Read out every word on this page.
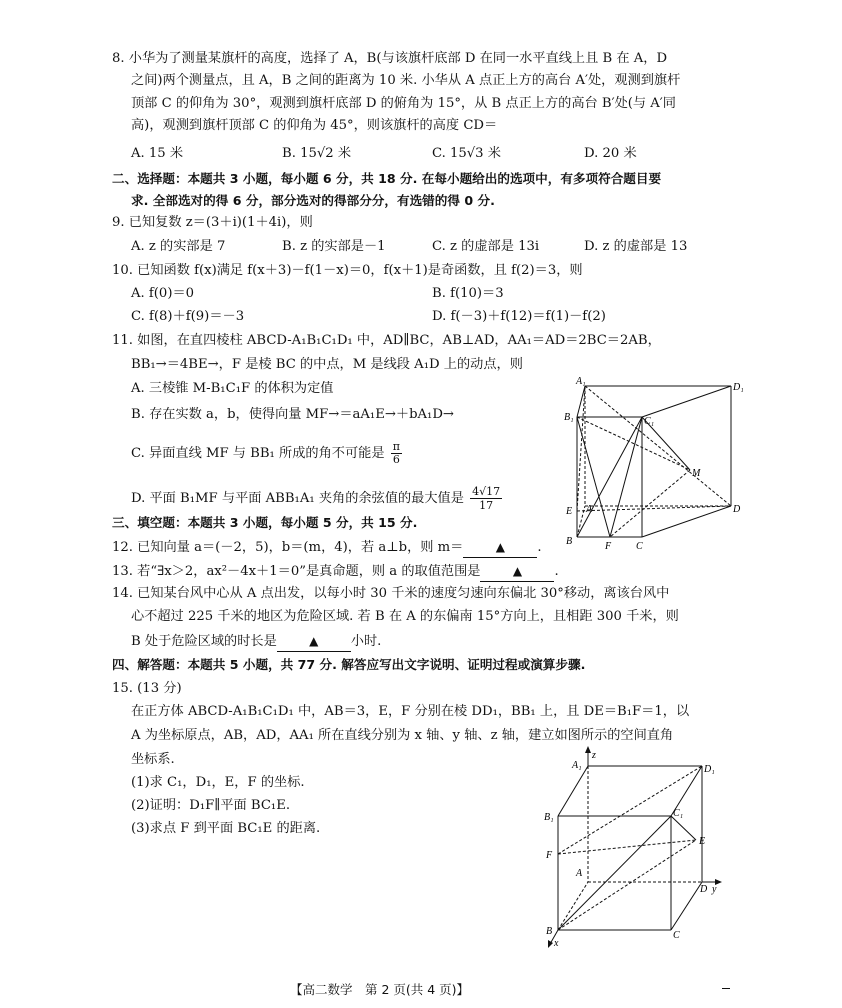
8. 小华为了测量某旗杆的高度，选择了 A，B(与该旗杆底部 D 在同一水平直线上且 B 在 A，D
之间)两个测量点，且 A，B 之间的距离为 10 米. 小华从 A 点正上方的高台 A′处，观测到旗杆
顶部 C 的仰角为 30°，观测到旗杆底部 D 的俯角为 15°，从 B 点正上方的高台 B′处(与 A′同
高)，观测到旗杆顶部 C 的仰角为 45°，则该旗杆的高度 CD＝
A. 15 米	B. 15√2 米	C. 15√3 米	D. 20 米
二、选择题：本题共 3 小题，每小题 6 分，共 18 分. 在每小题给出的选项中，有多项符合题目要
求. 全部选对的得 6 分，部分选对的得部分分，有选错的得 0 分.
9. 已知复数 z＝(3＋i)(1＋4i)，则
A. z 的实部是 7	B. z 的实部是－1	C. z 的虚部是 13i	D. z 的虚部是 13
10. 已知函数 f(x)满足 f(x＋3)－f(1－x)＝0，f(x＋1)是奇函数，且 f(2)＝3，则
A. f(0)＝0	B. f(10)＝3
C. f(8)＋f(9)＝－3	D. f(－3)＋f(12)＝f(1)－f(2)
11. 如图，在直四棱柱 ABCD-A₁B₁C₁D₁ 中，AD∥BC，AB⊥AD，AA₁＝AD＝2BC＝2AB，
BB₁→＝4BE→，F 是棱 BC 的中点，M 是线段 A₁D 上的动点，则
A. 三棱锥 M-B₁C₁F 的体积为定值
B. 存在实数 a，b，使得向量 MF→＝aA₁E→＋bA₁D→
C. 异面直线 MF 与 BB₁ 所成的角不可能是 $\frac{\pi}{6}$
D. 平面 B₁MF 与平面 ABB₁A₁ 夹角的余弦值的最大值是 $\frac{4√17}{17}$
A₁
D₁
B₁	C₁
M
E A	D
B	F C
三、填空题：本题共 3 小题，每小题 5 分，共 15 分.
12. 已知向量 a＝(－2，5)，b＝(m，4)，若 a⊥b，则 m＝	▲ .
13. 若“∃x＞2，ax²－4x＋1＝0”是真命题，则 a 的取值范围是	▲ .
14. 已知某台风中心从 A 点出发，以每小时 30 千米的速度匀速向东偏北 30°移动，离该台风中
心不超过 225 千米的地区为危险区域. 若 B 在 A 的东偏南 15°方向上，且相距 300 千米，则
B 处于危险区域的时长是	▲ 小时.
四、解答题：本题共 5 小题，共 77 分. 解答应写出文字说明、证明过程或演算步骤.
15. (13 分)
在正方体 ABCD-A₁B₁C₁D₁ 中，AB＝3，E，F 分别在棱 DD₁，BB₁ 上，且 DE＝B₁F＝1，以
A 为坐标原点，AB，AD，AA₁ 所在直线分别为 x 轴、y 轴、z 轴，建立如图所示的空间直角
坐标系.
(1)求 C₁，D₁，E，F 的坐标.
(2)证明：D₁F∥平面 BC₁E.
(3)求点 F 到平面 BC₁E 的距离.
A₁
z
D₁
B₁	C₁
E
F
A
D y
B	C
x
【高二数学　第 2 页(共 4 页)】
